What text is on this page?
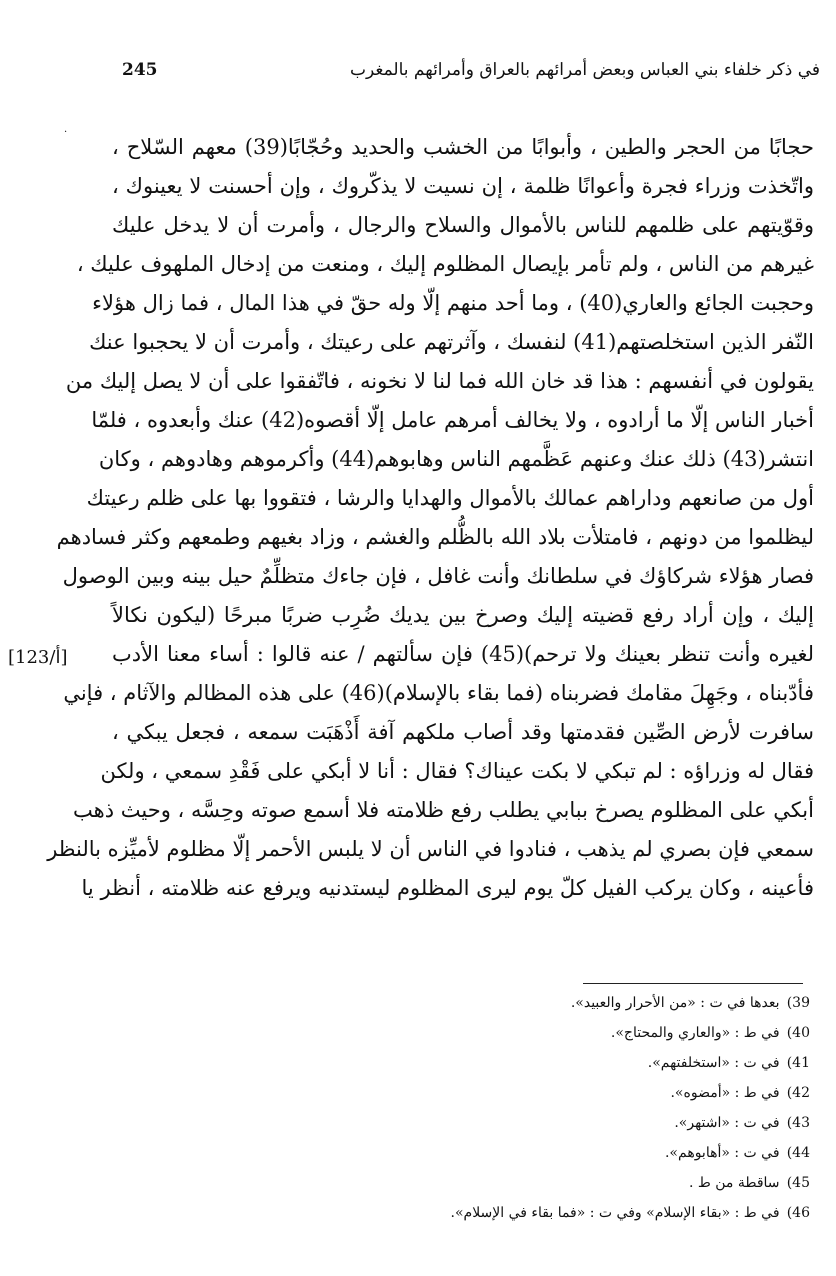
في ذكر خلفاء بني العباس وبعض أمرائهم بالعراق وأمرائهم بالمغرب
245
.
حجابًا من الحجر والطين ، وأبوابًا من الخشب والحديد وحُجّابًا(39) معهم السّلاح ،
واتّخذت وزراء فجرة وأعوانًا ظلمة ، إن نسيت لا يذكّروك ، وإن أحسنت لا يعينوك ،
وقوّيتهم على ظلمهم للناس بالأموال والسلاح والرجال ، وأمرت أن لا يدخل عليك
غيرهم من الناس ، ولم تأمر بإيصال المظلوم إليك ، ومنعت من إدخال الملهوف عليك ،
وحجبت الجائع والعاري(40) ، وما أحد منهم إلّا وله حقّ في هذا المال ، فما زال هؤلاء
النّفر الذين استخلصتهم(41) لنفسك ، وآثرتهم على رعيتك ، وأمرت أن لا يحجبوا عنك
يقولون في أنفسهم : هذا قد خان الله فما لنا لا نخونه ، فاتّفقوا على أن لا يصل إليك من
أخبار الناس إلّا ما أرادوه ، ولا يخالف أمرهم عامل إلّا أقصوه(42) عنك وأبعدوه ، فلمّا
انتشر(43) ذلك عنك وعنهم عَظَّمهم الناس وهابوهم(44) وأكرموهم وهادوهم ، وكان
أول من صانعهم وداراهم عمالك بالأموال والهدايا والرشا ، فتقووا بها على ظلم رعيتك
ليظلموا من دونهم ، فامتلأت بلاد الله بالظُّلم والغشم ، وزاد بغيهم وطمعهم وكثر فسادهم
فصار هؤلاء شركاؤك في سلطانك وأنت غافل ، فإن جاءك متظلِّمٌ حيل بينه وبين الوصول
إليك ، وإن أراد رفع قضيته إليك وصرخ بين يديك ضُرِب ضربًا مبرحًا (ليكون نكالاً
لغيره وأنت تنظر بعينك ولا ترحم)(45) فإن سألتهم / عنه قالوا : أساء معنا الأدب
فأدّبناه ، وجَهِلَ مقامك فضربناه (فما بقاء بالإسلام)(46) على هذه المظالم والآثام ، فإني
سافرت لأرض الصِّين فقدمتها وقد أصاب ملكهم آفة أَذْهَبَت سمعه ، فجعل يبكي ،
فقال له وزراؤه : لم تبكي لا بكت عيناك؟ فقال : أنا لا أبكي على فَقْدِ سمعي ، ولكن
أبكي على المظلوم يصرخ ببابي يطلب رفع ظلامته فلا أسمع صوته وحِسَّه ، وحيث ذهب
سمعي فإن بصري لم يذهب ، فنادوا في الناس أن لا يلبس الأحمر إلّا مظلوم لأميِّزه بالنظر
فأعينه ، وكان يركب الفيل كلّ يوم ليرى المظلوم ليستدنيه ويرفع عنه ظلامته ، أنظر يا
[123/أ]
39) بعدها في ت : «من الأحرار والعبيد».
40) في ط : «والعاري والمحتاج».
41) في ت : «استخلفتهم».
42) في ط : «أمضوه».
43) في ت : «اشتهر».
44) في ت : «أهابوهم».
45) ساقطة من ط .
46) في ط : «بقاء الإسلام» وفي ت : «فما بقاء في الإسلام».
